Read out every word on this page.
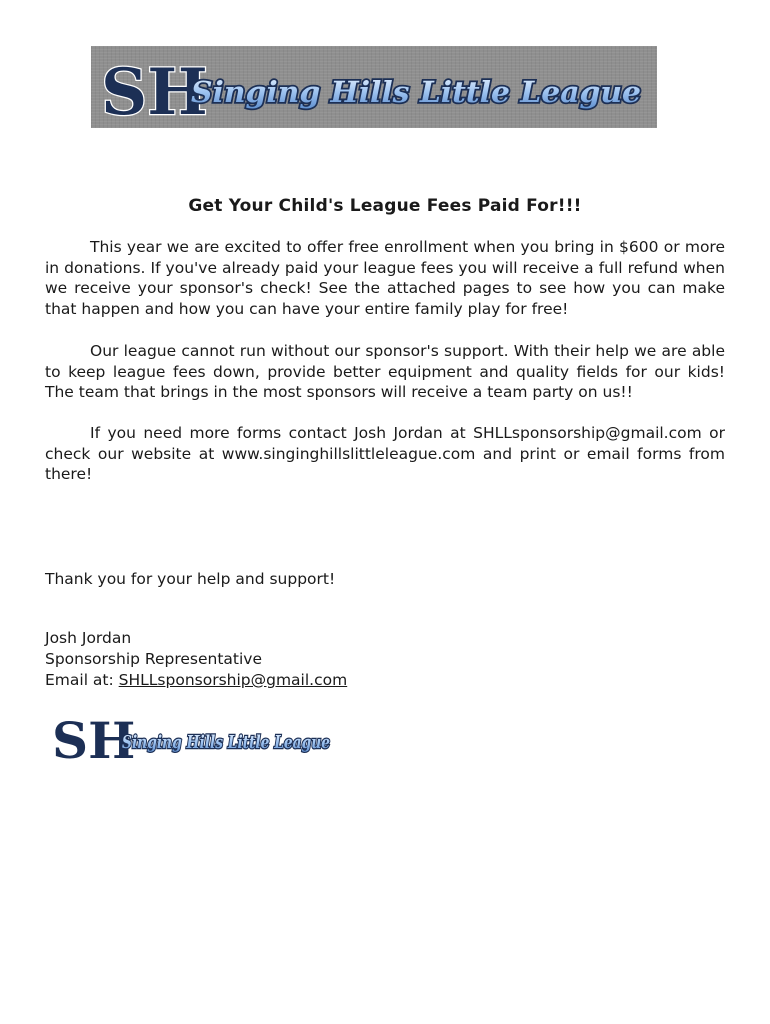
SH
Singing Hills Little League
Get Your Child's League Fees Paid For!!!
This year we are excited to offer free enrollment when you bring in $600 or more in donations. If you've already paid your league fees you will receive a full refund when we receive your sponsor's check! See the attached pages to see how you can make that happen and how you can have your entire family play for free!
Our league cannot run without our sponsor's support. With their help we are able to keep league fees down, provide better equipment and quality fields for our kids! The team that brings in the most sponsors will receive a team party on us!!
If you need more forms contact Josh Jordan at SHLLsponsorship@gmail.com or check our website at www.singinghillslittleleague.com and print or email forms from there!
Thank you for your help and support!
Josh Jordan
Sponsorship Representative
Email at: SHLLsponsorship@gmail.com
SH
Singing Hills Little League
